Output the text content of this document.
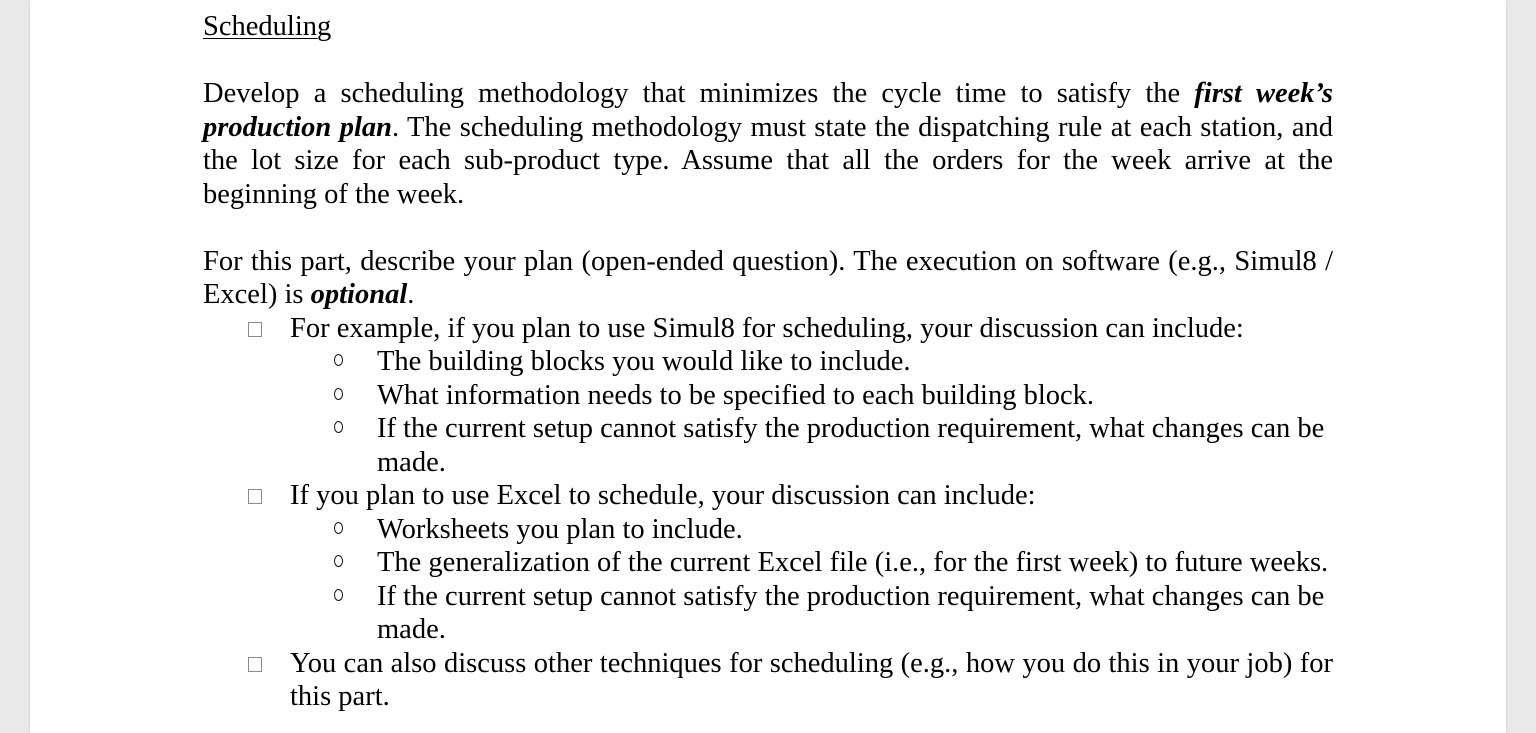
Scheduling

Develop a scheduling methodology that minimizes the cycle time to satisfy the first week’s production plan. The scheduling methodology must state the dispatching rule at each station, and the lot size for each sub-product type. Assume that all the orders for the week arrive at the beginning of the week.

For this part, describe your plan (open-ended question). The execution on software (e.g., Simul8 / Excel) is optional.

For example, if you plan to use Simul8 for scheduling, your discussion can include:
The building blocks you would like to include.
What information needs to be specified to each building block.
If the current setup cannot satisfy the production requirement, what changes can be made.
If you plan to use Excel to schedule, your discussion can include:
Worksheets you plan to include.
The generalization of the current Excel file (i.e., for the first week) to future weeks.
If the current setup cannot satisfy the production requirement, what changes can be made.
You can also discuss other techniques for scheduling (e.g., how you do this in your job) for this part.
